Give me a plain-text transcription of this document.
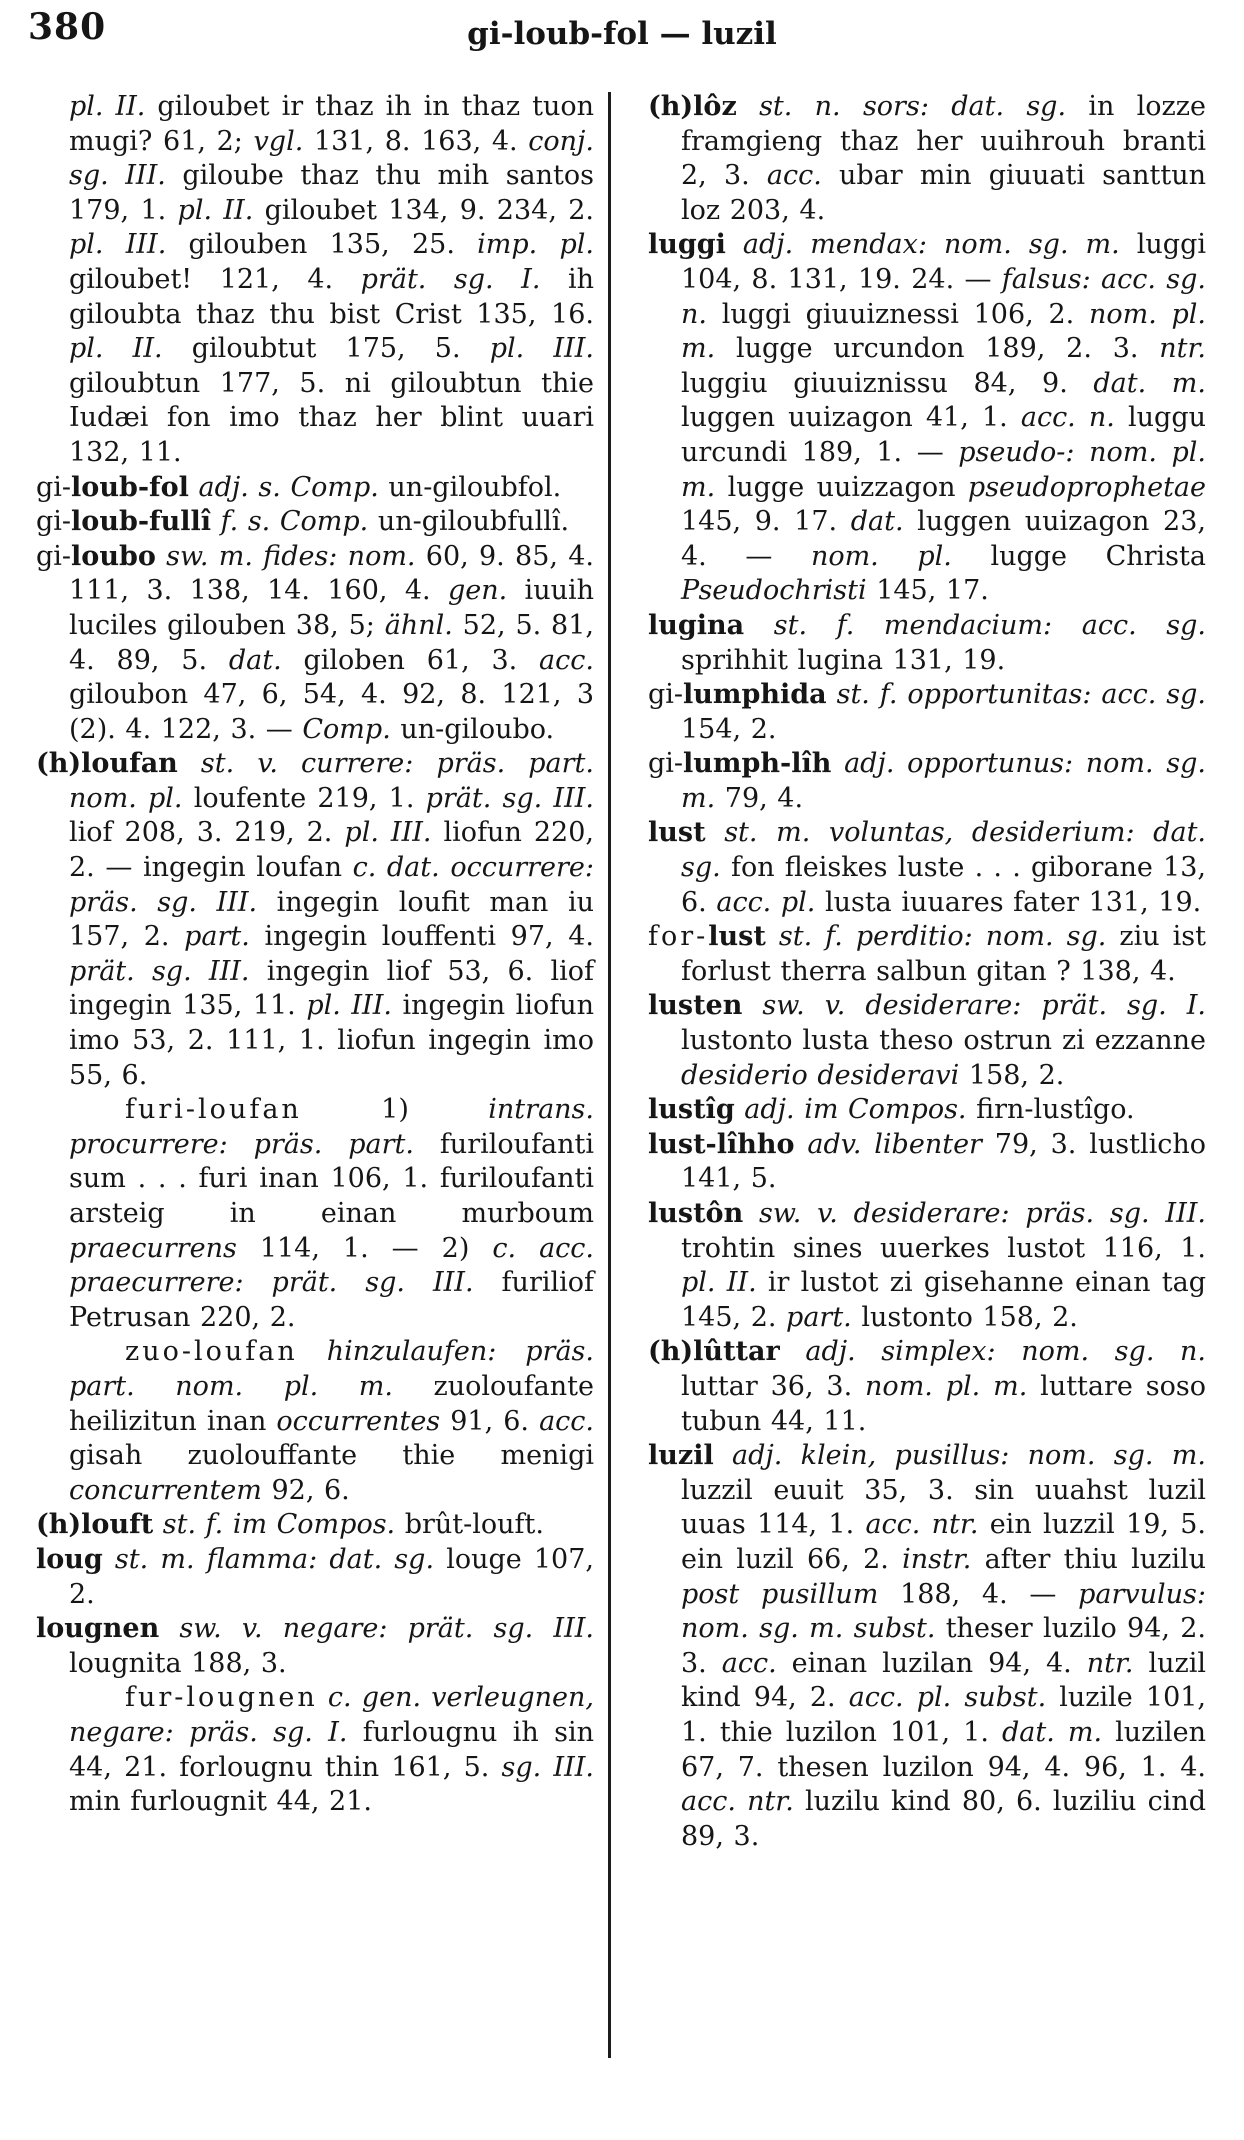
380	gi-loub-fol — luzil

pl. II. giloubet ir thaz ih in thaz tuon mugi? 61, 2; vgl. 131, 8. 163, 4. conj. sg. III. giloube thaz thu mih santos 179, 1. pl. II. giloubet 134, 9. 234, 2. pl. III. gilouben 135, 25. imp. pl. giloubet! 121, 4. prät. sg. I. ih giloubta thaz thu bist Crist 135, 16. pl. II. giloubtut 175, 5. pl. III. giloubtun 177, 5. ni giloubtun thie Iudæi fon imo thaz her blint uuari 132, 11.

gi-loub-fol adj. s. Comp. un-giloubfol.

gi-loub-fullî f. s. Comp. un-giloubfullî.

gi-loubo sw. m. fides: nom. 60, 9. 85, 4. 111, 3. 138, 14. 160, 4. gen. iuuih luciles gilouben 38, 5; ähnl. 52, 5. 81, 4. 89, 5. dat. giloben 61, 3. acc. giloubon 47, 6, 54, 4. 92, 8. 121, 3 (2). 4. 122, 3. — Comp. un-giloubo.

(h)loufan st. v. currere: präs. part. nom. pl. loufente 219, 1. prät. sg. III. liof 208, 3. 219, 2. pl. III. liofun 220, 2. — ingegin loufan c. dat. occurrere: präs. sg. III. ingegin loufit man iu 157, 2. part. ingegin louffenti 97, 4. prät. sg. III. ingegin liof 53, 6. liof ingegin 135, 11. pl. III. ingegin liofun imo 53, 2. 111, 1. liofun ingegin imo 55, 6.

furi-loufan 1) intrans. procurrere: präs. part. furiloufanti sum . . . furi inan 106, 1. furiloufanti arsteig in einan murboum praecurrens 114, 1. — 2) c. acc. praecurrere: prät. sg. III. furiliof Petrusan 220, 2.

zuo-loufan hinzulaufen: präs. part. nom. pl. m. zuoloufante heilizitun inan occurrentes 91, 6. acc. gisah zuolouffante thie menigi concurrentem 92, 6.

(h)louft st. f. im Compos. brût-louft.

loug st. m. flamma: dat. sg. louge 107, 2.

lougnen sw. v. negare: prät. sg. III. lougnita 188, 3.

fur-lougnen c. gen. verleugnen, negare: präs. sg. I. furlougnu ih sin 44, 21. forlougnu thin 161, 5. sg. III. min furlougnit 44, 21.

(h)lôz st. n. sors: dat. sg. in lozze framgieng thaz her uuihrouh branti 2, 3. acc. ubar min giuuati santtun loz 203, 4.

luggi adj. mendax: nom. sg. m. luggi 104, 8. 131, 19. 24. — falsus: acc. sg. n. luggi giuuiznessi 106, 2. nom. pl. m. lugge urcundon 189, 2. 3. ntr. luggiu giuuiznissu 84, 9. dat. m. luggen uuizagon 41, 1. acc. n. luggu urcundi 189, 1. — pseudo-: nom. pl. m. lugge uuizzagon pseudoprophetae 145, 9. 17. dat. luggen uuizagon 23, 4. — nom. pl. lugge Christa Pseudochristi 145, 17.

lugina st. f. mendacium: acc. sg. sprihhit lugina 131, 19.

gi-lumphida st. f. opportunitas: acc. sg. 154, 2.

gi-lumph-lîh adj. opportunus: nom. sg. m. 79, 4.

lust st. m. voluntas, desiderium: dat. sg. fon fleiskes luste . . . giborane 13, 6. acc. pl. lusta iuuares fater 131, 19.

for-lust st. f. perditio: nom. sg. ziu ist forlust therra salbun gitan ? 138, 4.

lusten sw. v. desiderare: prät. sg. I. lustonto lusta theso ostrun zi ezzanne desiderio desideravi 158, 2.

lustîg adj. im Compos. firn-lustîgo.

lust-lîhho adv. libenter 79, 3. lustlicho 141, 5.

lustôn sw. v. desiderare: präs. sg. III. trohtin sines uuerkes lustot 116, 1. pl. II. ir lustot zi gisehanne einan tag 145, 2. part. lustonto 158, 2.

(h)lûttar adj. simplex: nom. sg. n. luttar 36, 3. nom. pl. m. luttare soso tubun 44, 11.

luzil adj. klein, pusillus: nom. sg. m. luzzil euuit 35, 3. sin uuahst luzil uuas 114, 1. acc. ntr. ein luzzil 19, 5. ein luzil 66, 2. instr. after thiu luzilu post pusillum 188, 4. — parvulus: nom. sg. m. subst. theser luzilo 94, 2. 3. acc. einan luzilan 94, 4. ntr. luzil kind 94, 2. acc. pl. subst. luzile 101, 1. thie luzilon 101, 1. dat. m. luzilen 67, 7. thesen luzilon 94, 4. 96, 1. 4. acc. ntr. luzilu kind 80, 6. luziliu cind 89, 3.
